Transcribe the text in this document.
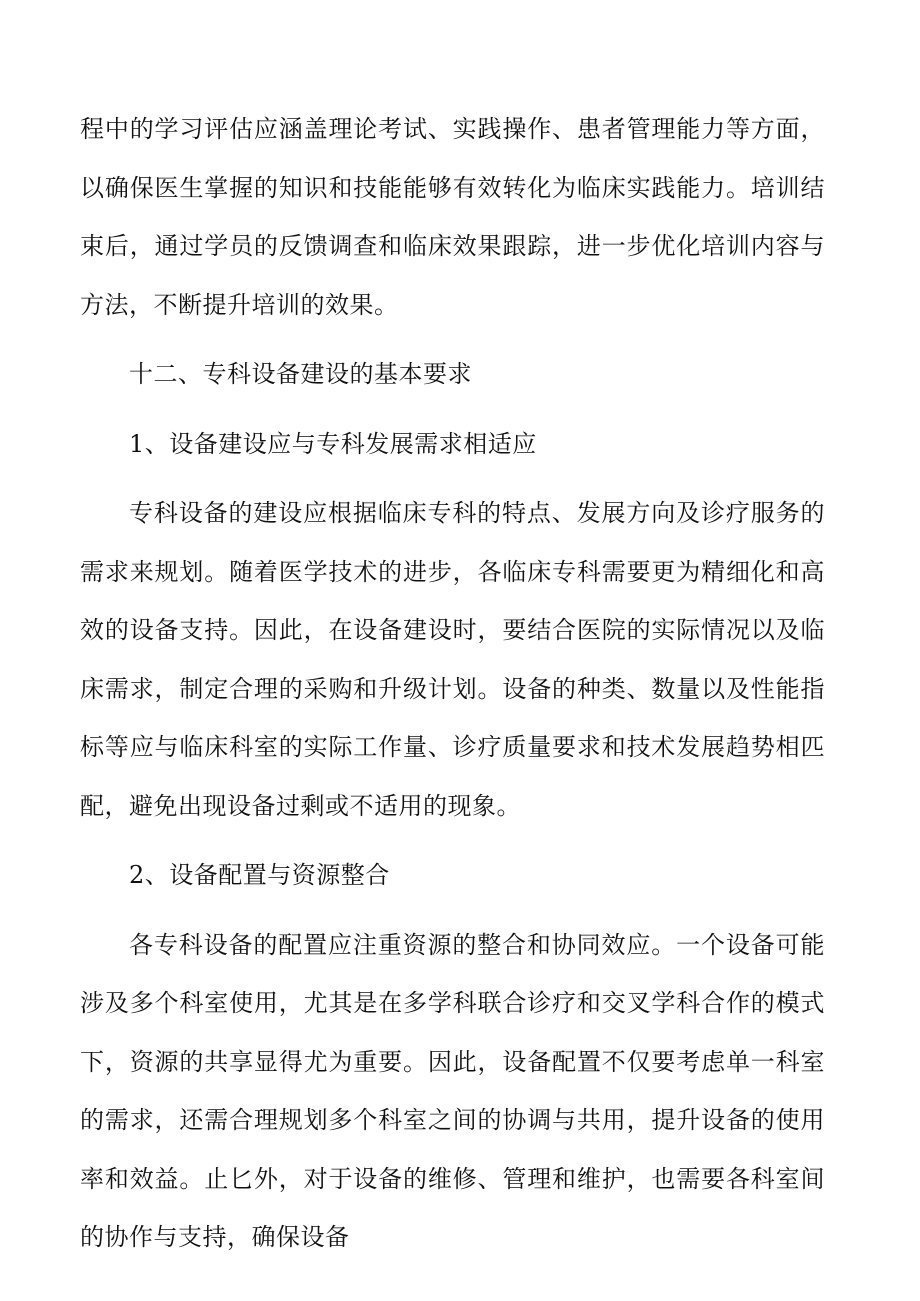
程中的学习评估应涵盖理论考试、实践操作、患者管理能力等方面，以确保医生掌握的知识和技能能够有效转化为临床实践能力。培训结束后，通过学员的反馈调查和临床效果跟踪，进一步优化培训内容与方法，不断提升培训的效果。

十二、专科设备建设的基本要求

1、设备建设应与专科发展需求相适应

专科设备的建设应根据临床专科的特点、发展方向及诊疗服务的需求来规划。随着医学技术的进步，各临床专科需要更为精细化和高效的设备支持。因此，在设备建设时，要结合医院的实际情况以及临床需求，制定合理的采购和升级计划。设备的种类、数量以及性能指标等应与临床科室的实际工作量、诊疗质量要求和技术发展趋势相匹配，避免出现设备过剩或不适用的现象。

2、设备配置与资源整合

各专科设备的配置应注重资源的整合和协同效应。一个设备可能涉及多个科室使用，尤其是在多学科联合诊疗和交叉学科合作的模式下，资源的共享显得尤为重要。因此，设备配置不仅要考虑单一科室的需求，还需合理规划多个科室之间的协调与共用，提升设备的使用率和效益。止匕外，对于设备的维修、管理和维护，也需要各科室间的协作与支持，确保设备
